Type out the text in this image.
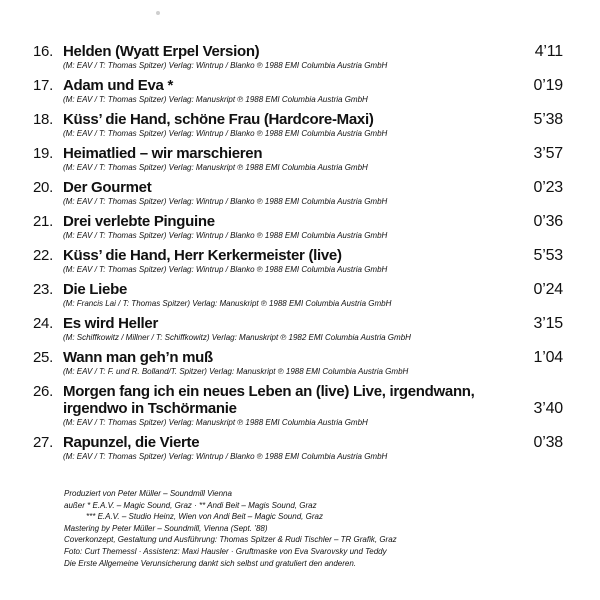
16. Helden (Wyatt Erpel Version)	4’11
(M: EAV / T: Thomas Spitzer) Verlag: Wintrup / Blanko ℗ 1988 EMI Columbia Austria GmbH
17. Adam und Eva *	0’19
(M: EAV / T: Thomas Spitzer) Verlag: Manuskript ℗ 1988 EMI Columbia Austria GmbH
18. Küss’ die Hand, schöne Frau (Hardcore-Maxi)	5’38
(M: EAV / T: Thomas Spitzer) Verlag: Wintrup / Blanko ℗ 1988 EMI Columbia Austria GmbH
19. Heimatlied – wir marschieren	3’57
(M: EAV / T: Thomas Spitzer) Verlag: Manuskript ℗ 1988 EMI Columbia Austria GmbH
20. Der Gourmet	0’23
(M: EAV / T: Thomas Spitzer) Verlag: Wintrup / Blanko ℗ 1988 EMI Columbia Austria GmbH
21. Drei verlebte Pinguine	0’36
(M: EAV / T: Thomas Spitzer) Verlag: Wintrup / Blanko ℗ 1988 EMI Columbia Austria GmbH
22. Küss’ die Hand, Herr Kerkermeister (live)	5’53
(M: EAV / T: Thomas Spitzer) Verlag: Wintrup / Blanko ℗ 1988 EMI Columbia Austria GmbH
23. Die Liebe	0’24
(M: Francis Lai / T: Thomas Spitzer) Verlag: Manuskript ℗ 1988 EMI Columbia Austria GmbH
24. Es wird Heller	3’15
(M: Schiffkowitz / Millner / T: Schiffkowitz) Verlag: Manuskript ℗ 1982 EMI Columbia Austria GmbH
25. Wann man geh’n muß	1’04
(M: EAV / T: F. und R. Bolland/T. Spitzer) Verlag: Manuskript ℗ 1988 EMI Columbia Austria GmbH
26. Morgen fang ich ein neues Leben an (live) Live, irgendwann, irgendwo in Tschörmanie	3’40
(M: EAV / T: Thomas Spitzer) Verlag: Manuskript ℗ 1988 EMI Columbia Austria GmbH
27. Rapunzel, die Vierte	0’38
(M: EAV / T: Thomas Spitzer) Verlag: Wintrup / Blanko ℗ 1988 EMI Columbia Austria GmbH
Produziert von Peter Müller – Soundmill Vienna
außer * E.A.V. – Magic Sound, Graz · ** Andi Beit – Magis Sound, Graz
*** E.A.V. – Studio Heinz, Wien von Andi Beit – Magic Sound, Graz
Mastering by Peter Müller – Soundmill, Vienna (Sept. ’88)
Coverkonzept, Gestaltung und Ausführung: Thomas Spitzer & Rudi Tischler – TR Grafik, Graz
Foto: Curt Themessl · Assistenz: Maxi Hausler · Gruftmaske von Eva Svarovsky und Teddy
Die Erste Allgemeine Verunsicherung dankt sich selbst und gratuliert den anderen.
